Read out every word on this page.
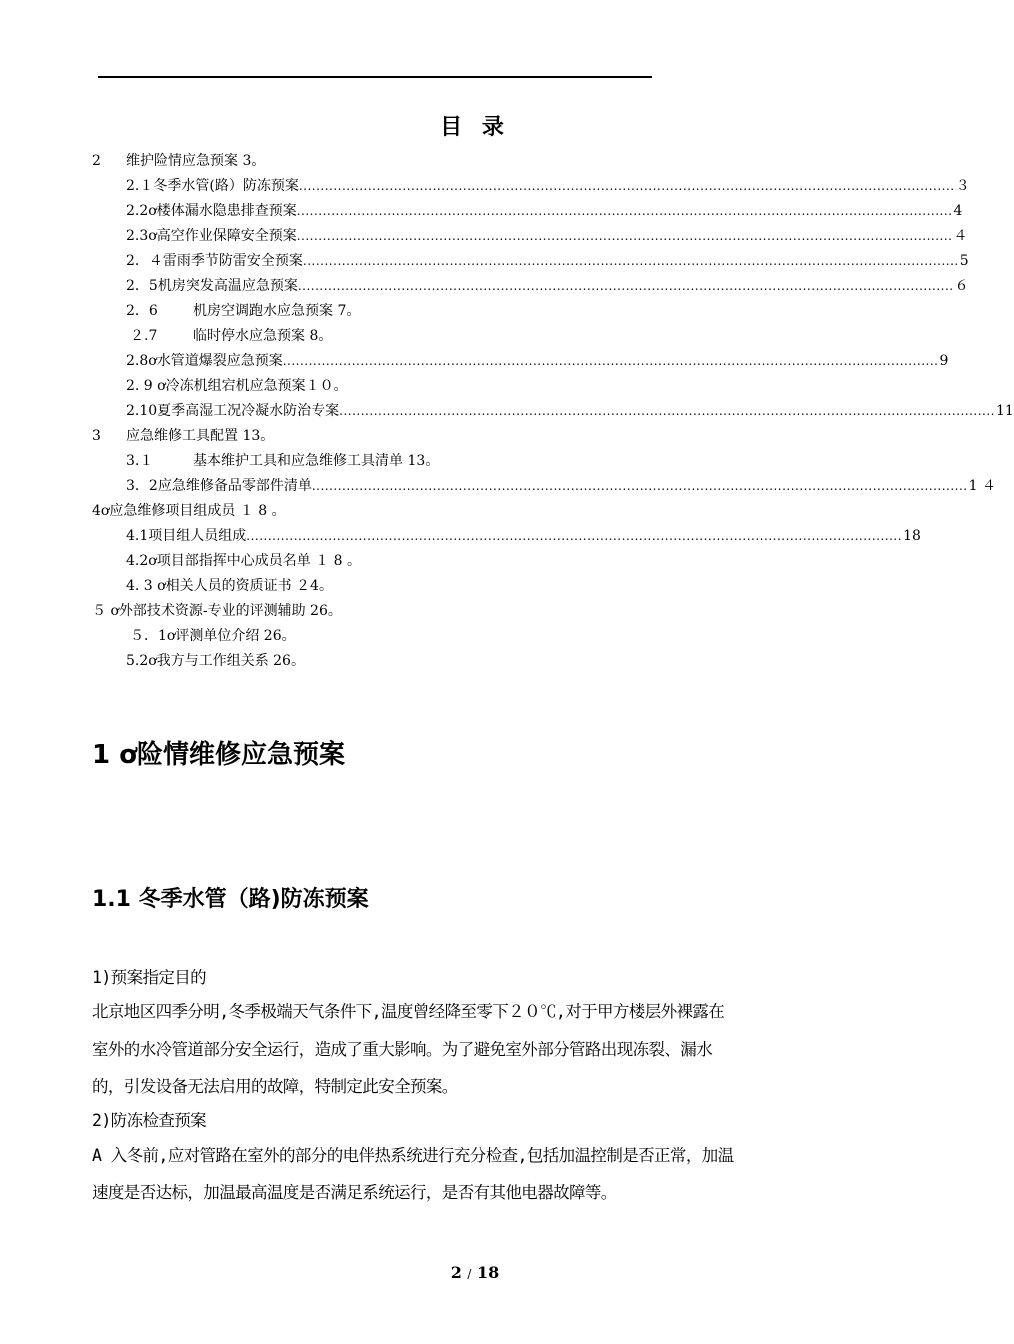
目 录
2	维护险情应急预案 3。
2.１ 冬季水管(路）防冻预案 ........................................................................................................................................................ ３
2.2ơ楼体漏水隐患排查预案 ........................................................................................................................................................ 4
2.3ơ高空作业保障安全预案 ........................................................................................................................................................ ４
2．４ 雷雨季节防雷安全预案 ........................................................................................................................................................ 5
2．5 机房突发高温应急预案 ........................................................................................................................................................ ６
2．6	机房空调跑水应急预案 7。
２.7	临时停水应急预案 8。
2.8ơ水管道爆裂应急预案 ........................................................................................................................................................ 9
2. 9 ơ冷冻机组宕机应急预案１０。
2.10 夏季高湿工况冷凝水防治专案 ........................................................................................................................................................ 11
3	应急维修工具配置 13。
3.１	基本维护工具和应急维修工具清单 13。
3．2 应急维修备品零部件清单 ........................................................................................................................................................ 1 ４
4ơ应急维修项目组成员 １ 8 。
4.1 项目组人员组成 ........................................................................................................................................................ 18
4.2ơ项目部指挥中心成员名单 １ 8 。
4. 3 ơ相关人员的资质证书 ２4。
５ ơ外部技术资源-专业的评测辅助 26。
５．1ơ评测单位介绍 26。
5.2ơ我方与工作组关系 26。
1 ơ险情维修应急预案
1.1 冬季水管（路)防冻预案
1)预案指定目的
北京地区四季分明,冬季极端天气条件下,温度曾经降至零下２０℃,对于甲方楼层外裸露在
室外的水冷管道部分安全运行，造成了重大影响。为了避免室外部分管路出现冻裂、漏水
的，引发设备无法启用的故障，特制定此安全预案。
2)防冻检查预案
A 入冬前,应对管路在室外的部分的电伴热系统进行充分检查,包括加温控制是否正常，加温
速度是否达标，加温最高温度是否满足系统运行，是否有其他电器故障等。
2 / 18
